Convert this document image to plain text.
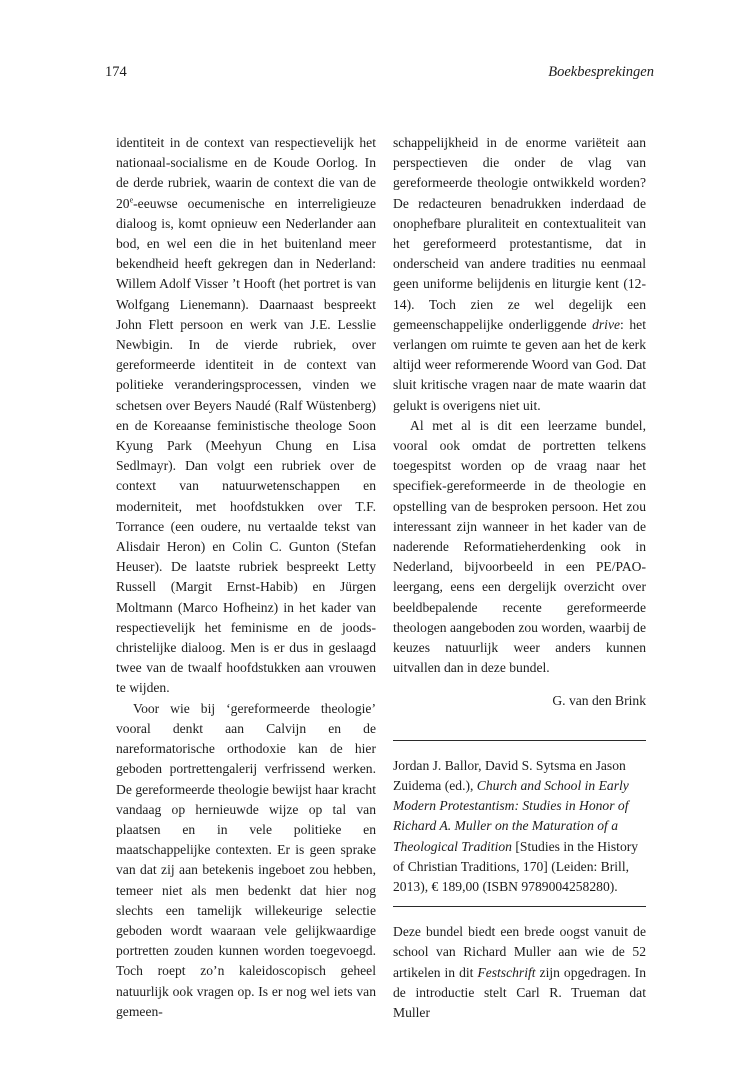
174	Boekbesprekingen

identiteit in de context van respectievelijk het nationaal-socialisme en de Koude Oorlog. In de derde rubriek, waarin de context die van de 20e-eeuwse oecumenische en interreligieuze dialoog is, komt opnieuw een Nederlander aan bod, en wel een die in het buitenland meer bekendheid heeft gekregen dan in Nederland: Willem Adolf Visser ’t Hooft (het portret is van Wolfgang Lienemann). Daarnaast bespreekt John Flett persoon en werk van J.E. Lesslie Newbigin. In de vierde rubriek, over gereformeerde identiteit in de context van politieke veranderingsprocessen, vinden we schetsen over Beyers Naudé (Ralf Wüstenberg) en de Koreaanse feministische theologe Soon Kyung Park (Meehyun Chung en Lisa Sedlmayr). Dan volgt een rubriek over de context van natuurwetenschappen en moderniteit, met hoofdstukken over T.F. Torrance (een oudere, nu vertaalde tekst van Alisdair Heron) en Colin C. Gunton (Stefan Heuser). De laatste rubriek bespreekt Letty Russell (Margit Ernst-Habib) en Jürgen Moltmann (Marco Hofheinz) in het kader van respectievelijk het feminisme en de joods-christelijke dialoog. Men is er dus in geslaagd twee van de twaalf hoofdstukken aan vrouwen te wijden.

Voor wie bij ‘gereformeerde theologie’ vooral denkt aan Calvijn en de nareformatorische orthodoxie kan de hier geboden portrettengalerij verfrissend werken. De gereformeerde theologie bewijst haar kracht vandaag op hernieuwde wijze op tal van plaatsen en in vele politieke en maatschappelijke contexten. Er is geen sprake van dat zij aan betekenis ingeboet zou hebben, temeer niet als men bedenkt dat hier nog slechts een tamelijk willekeurige selectie geboden wordt waaraan vele gelijkwaardige portretten zouden kunnen worden toegevoegd. Toch roept zo’n kaleidoscopisch geheel natuurlijk ook vragen op. Is er nog wel iets van gemeen-

schappelijkheid in de enorme variëteit aan perspectieven die onder de vlag van gereformeerde theologie ontwikkeld worden? De redacteuren benadrukken inderdaad de onophefbare pluraliteit en contextualiteit van het gereformeerd protestantisme, dat in onderscheid van andere tradities nu eenmaal geen uniforme belijdenis en liturgie kent (12-14). Toch zien ze wel degelijk een gemeenschappelijke onderliggende drive: het verlangen om ruimte te geven aan het de kerk altijd weer reformerende Woord van God. Dat sluit kritische vragen naar de mate waarin dat gelukt is overigens niet uit.

Al met al is dit een leerzame bundel, vooral ook omdat de portretten telkens toegespitst worden op de vraag naar het specifiek-gereformeerde in de theologie en opstelling van de besproken persoon. Het zou interessant zijn wanneer in het kader van de naderende Reformatieherdenking ook in Nederland, bijvoorbeeld in een PE/PAO-leergang, eens een dergelijk overzicht over beeldbepalende recente gereformeerde theologen aangeboden zou worden, waarbij de keuzes natuurlijk weer anders kunnen uitvallen dan in deze bundel.

G. van den Brink

Jordan J. Ballor, David S. Sytsma en Jason Zuidema (ed.), Church and School in Early Modern Protestantism: Studies in Honor of Richard A. Muller on the Maturation of a Theological Tradition [Studies in the History of Christian Traditions, 170] (Leiden: Brill, 2013), € 189,00 (ISBN 9789004258280).

Deze bundel biedt een brede oogst vanuit de school van Richard Muller aan wie de 52 artikelen in dit Festschrift zijn opgedragen. In de introductie stelt Carl R. Trueman dat Muller
